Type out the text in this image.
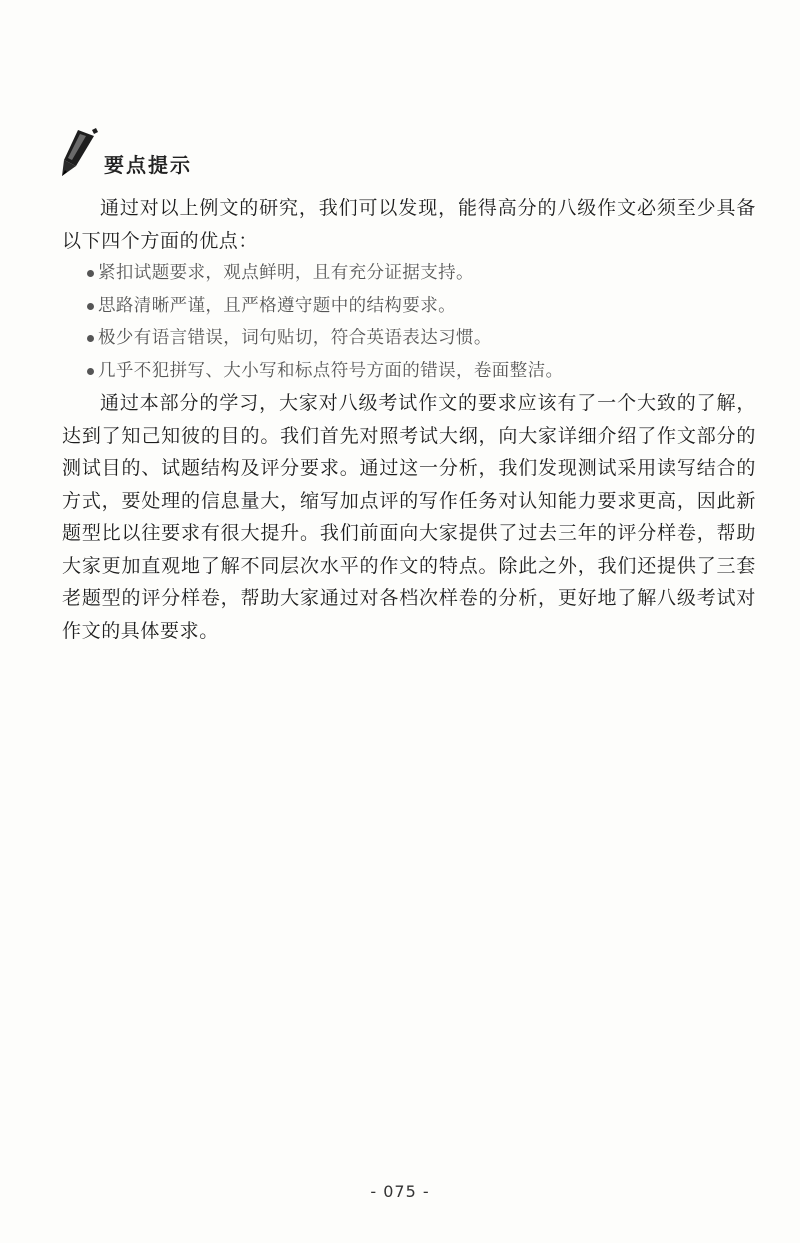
要点提示

通过对以上例文的研究，我们可以发现，能得高分的八级作文必须至少具备以下四个方面的优点：

紧扣试题要求，观点鲜明，且有充分证据支持。
思路清晰严谨，且严格遵守题中的结构要求。
极少有语言错误，词句贴切，符合英语表达习惯。
几乎不犯拼写、大小写和标点符号方面的错误，卷面整洁。

通过本部分的学习，大家对八级考试作文的要求应该有了一个大致的了解，达到了知己知彼的目的。我们首先对照考试大纲，向大家详细介绍了作文部分的测试目的、试题结构及评分要求。通过这一分析，我们发现测试采用读写结合的方式，要处理的信息量大，缩写加点评的写作任务对认知能力要求更高，因此新题型比以往要求有很大提升。我们前面向大家提供了过去三年的评分样卷，帮助大家更加直观地了解不同层次水平的作文的特点。除此之外，我们还提供了三套老题型的评分样卷，帮助大家通过对各档次样卷的分析，更好地了解八级考试对作文的具体要求。

- 075 -
